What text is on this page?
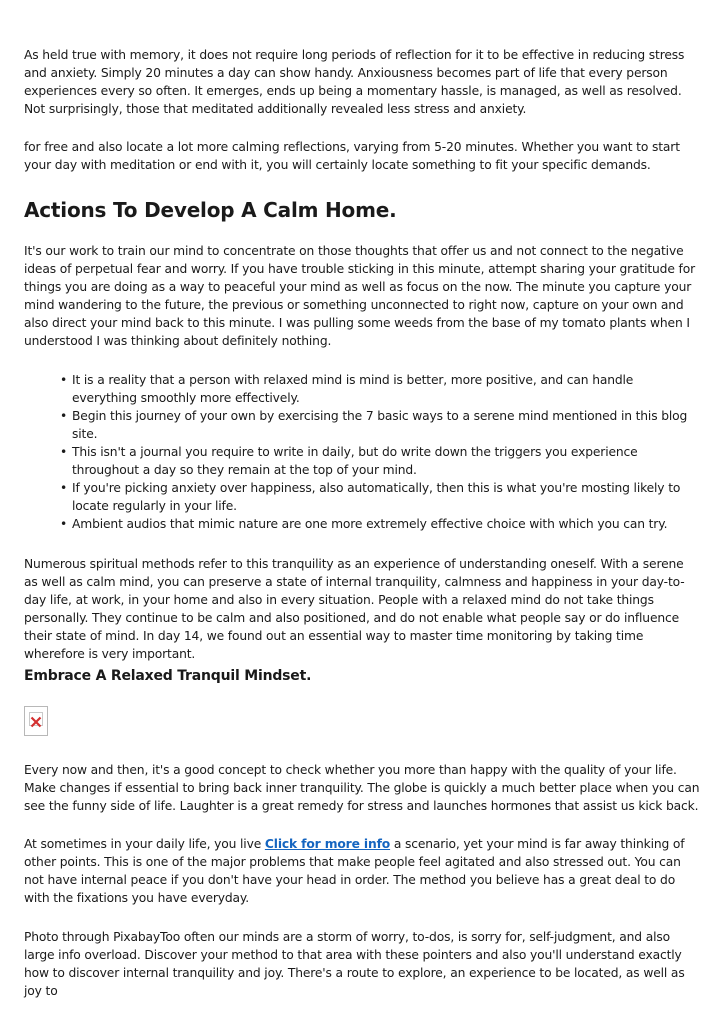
As held true with memory, it does not require long periods of reflection for it to be effective in reducing stress and anxiety. Simply 20 minutes a day can show handy. Anxiousness becomes part of life that every person experiences every so often. It emerges, ends up being a momentary hassle, is managed, as well as resolved. Not surprisingly, those that meditated additionally revealed less stress and anxiety.

for free and also locate a lot more calming reflections, varying from 5-20 minutes. Whether you want to start your day with meditation or end with it, you will certainly locate something to fit your specific demands.

Actions To Develop A Calm Home.

It's our work to train our mind to concentrate on those thoughts that offer us and not connect to the negative ideas of perpetual fear and worry. If you have trouble sticking in this minute, attempt sharing your gratitude for things you are doing as a way to peaceful your mind as well as focus on the now. The minute you capture your mind wandering to the future, the previous or something unconnected to right now, capture on your own and also direct your mind back to this minute. I was pulling some weeds from the base of my tomato plants when I understood I was thinking about definitely nothing.

• It is a reality that a person with relaxed mind is mind is better, more positive, and can handle everything smoothly more effectively.
• Begin this journey of your own by exercising the 7 basic ways to a serene mind mentioned in this blog site.
• This isn't a journal you require to write in daily, but do write down the triggers you experience throughout a day so they remain at the top of your mind.
• If you're picking anxiety over happiness, also automatically, then this is what you're mosting likely to locate regularly in your life.
• Ambient audios that mimic nature are one more extremely effective choice with which you can try.

Numerous spiritual methods refer to this tranquility as an experience of understanding oneself. With a serene as well as calm mind, you can preserve a state of internal tranquility, calmness and happiness in your day-to-day life, at work, in your home and also in every situation. People with a relaxed mind do not take things personally. They continue to be calm and also positioned, and do not enable what people say or do influence their state of mind. In day 14, we found out an essential way to master time monitoring by taking time wherefore is very important.

Embrace A Relaxed Tranquil Mindset.

Every now and then, it's a good concept to check whether you more than happy with the quality of your life. Make changes if essential to bring back inner tranquility. The globe is quickly a much better place when you can see the funny side of life. Laughter is a great remedy for stress and launches hormones that assist us kick back.

At sometimes in your daily life, you live Click for more info a scenario, yet your mind is far away thinking of other points. This is one of the major problems that make people feel agitated and also stressed out. You can not have internal peace if you don't have your head in order. The method you believe has a great deal to do with the fixations you have everyday.

Photo through PixabayToo often our minds are a storm of worry, to-dos, is sorry for, self-judgment, and also large info overload. Discover your method to that area with these pointers and also you'll understand exactly how to discover internal tranquility and joy. There's a route to explore, an experience to be located, as well as joy to
